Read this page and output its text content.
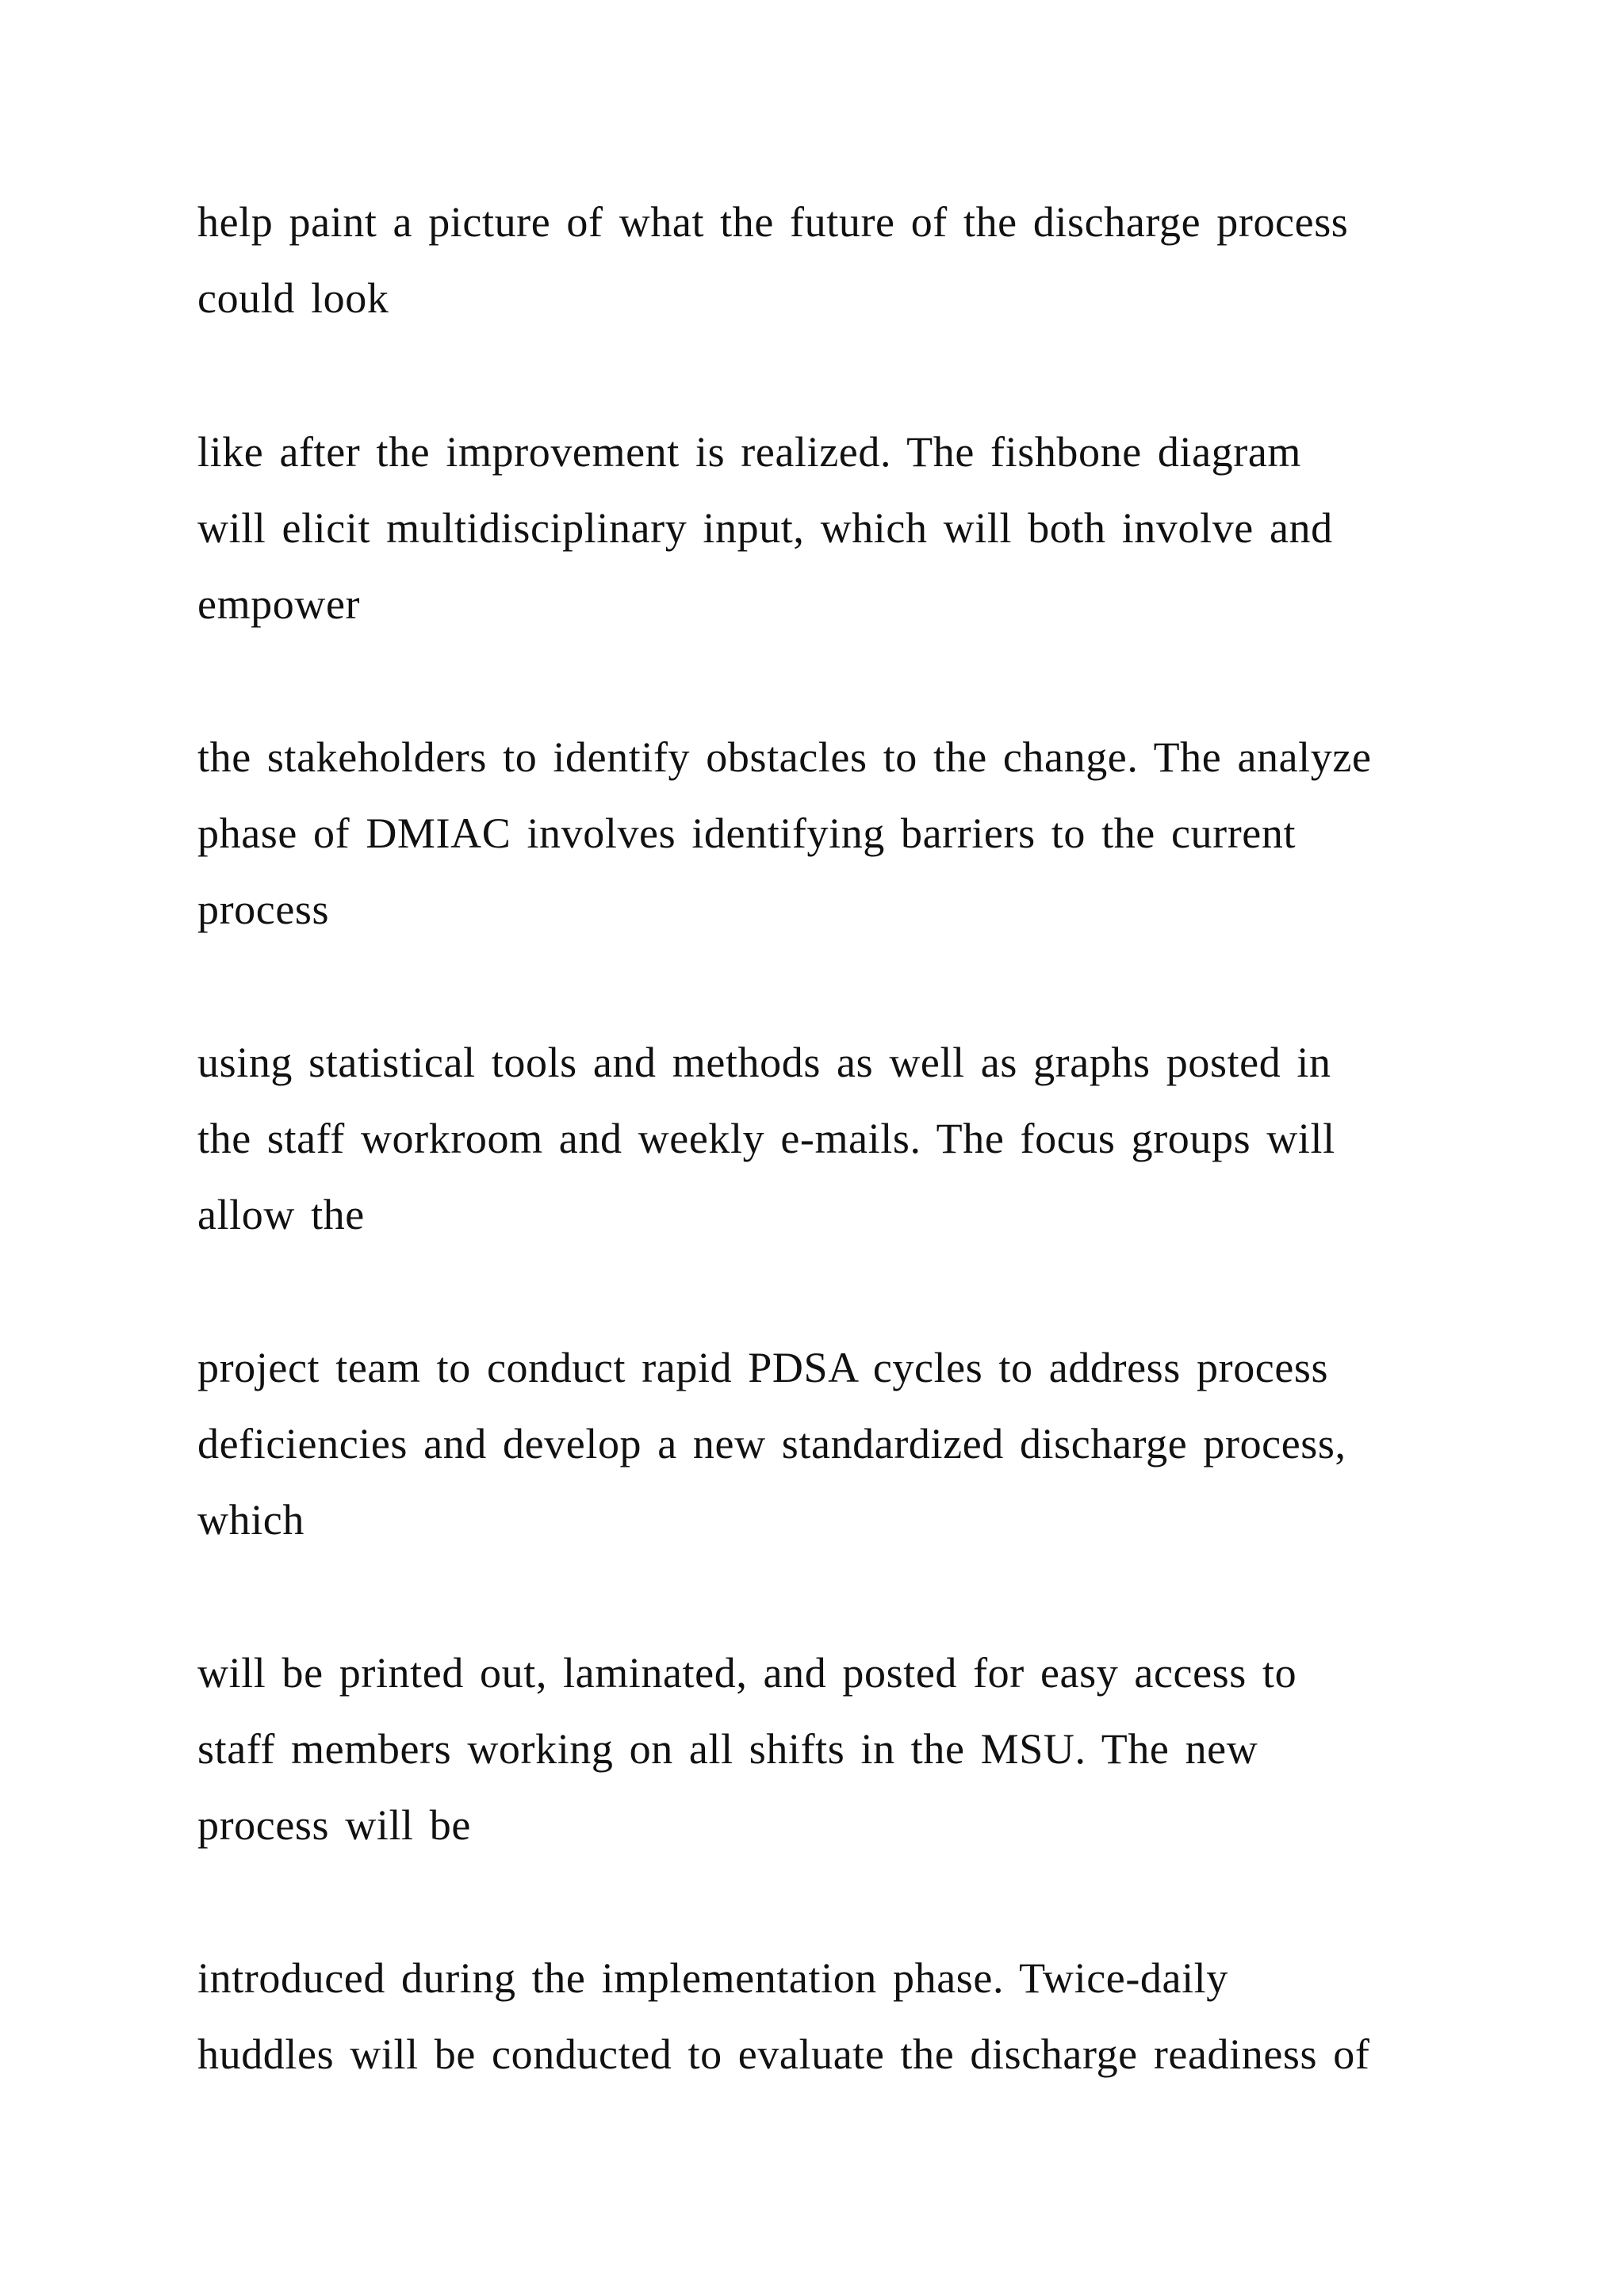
help paint a picture of what the future of the discharge process

could look

like after the improvement is realized. The fishbone diagram

will elicit multidisciplinary input, which will both involve and

empower

the stakeholders to identify obstacles to the change. The analyze

phase of DMIAC involves identifying barriers to the current

process

using statistical tools and methods as well as graphs posted in

the staff workroom and weekly e-mails. The focus groups will

allow the

project team to conduct rapid PDSA cycles to address process

deficiencies and develop a new standardized discharge process,

which

will be printed out, laminated, and posted for easy access to

staff members working on all shifts in the MSU. The new

process will be

introduced during the implementation phase. Twice-daily

huddles will be conducted to evaluate the discharge readiness of
